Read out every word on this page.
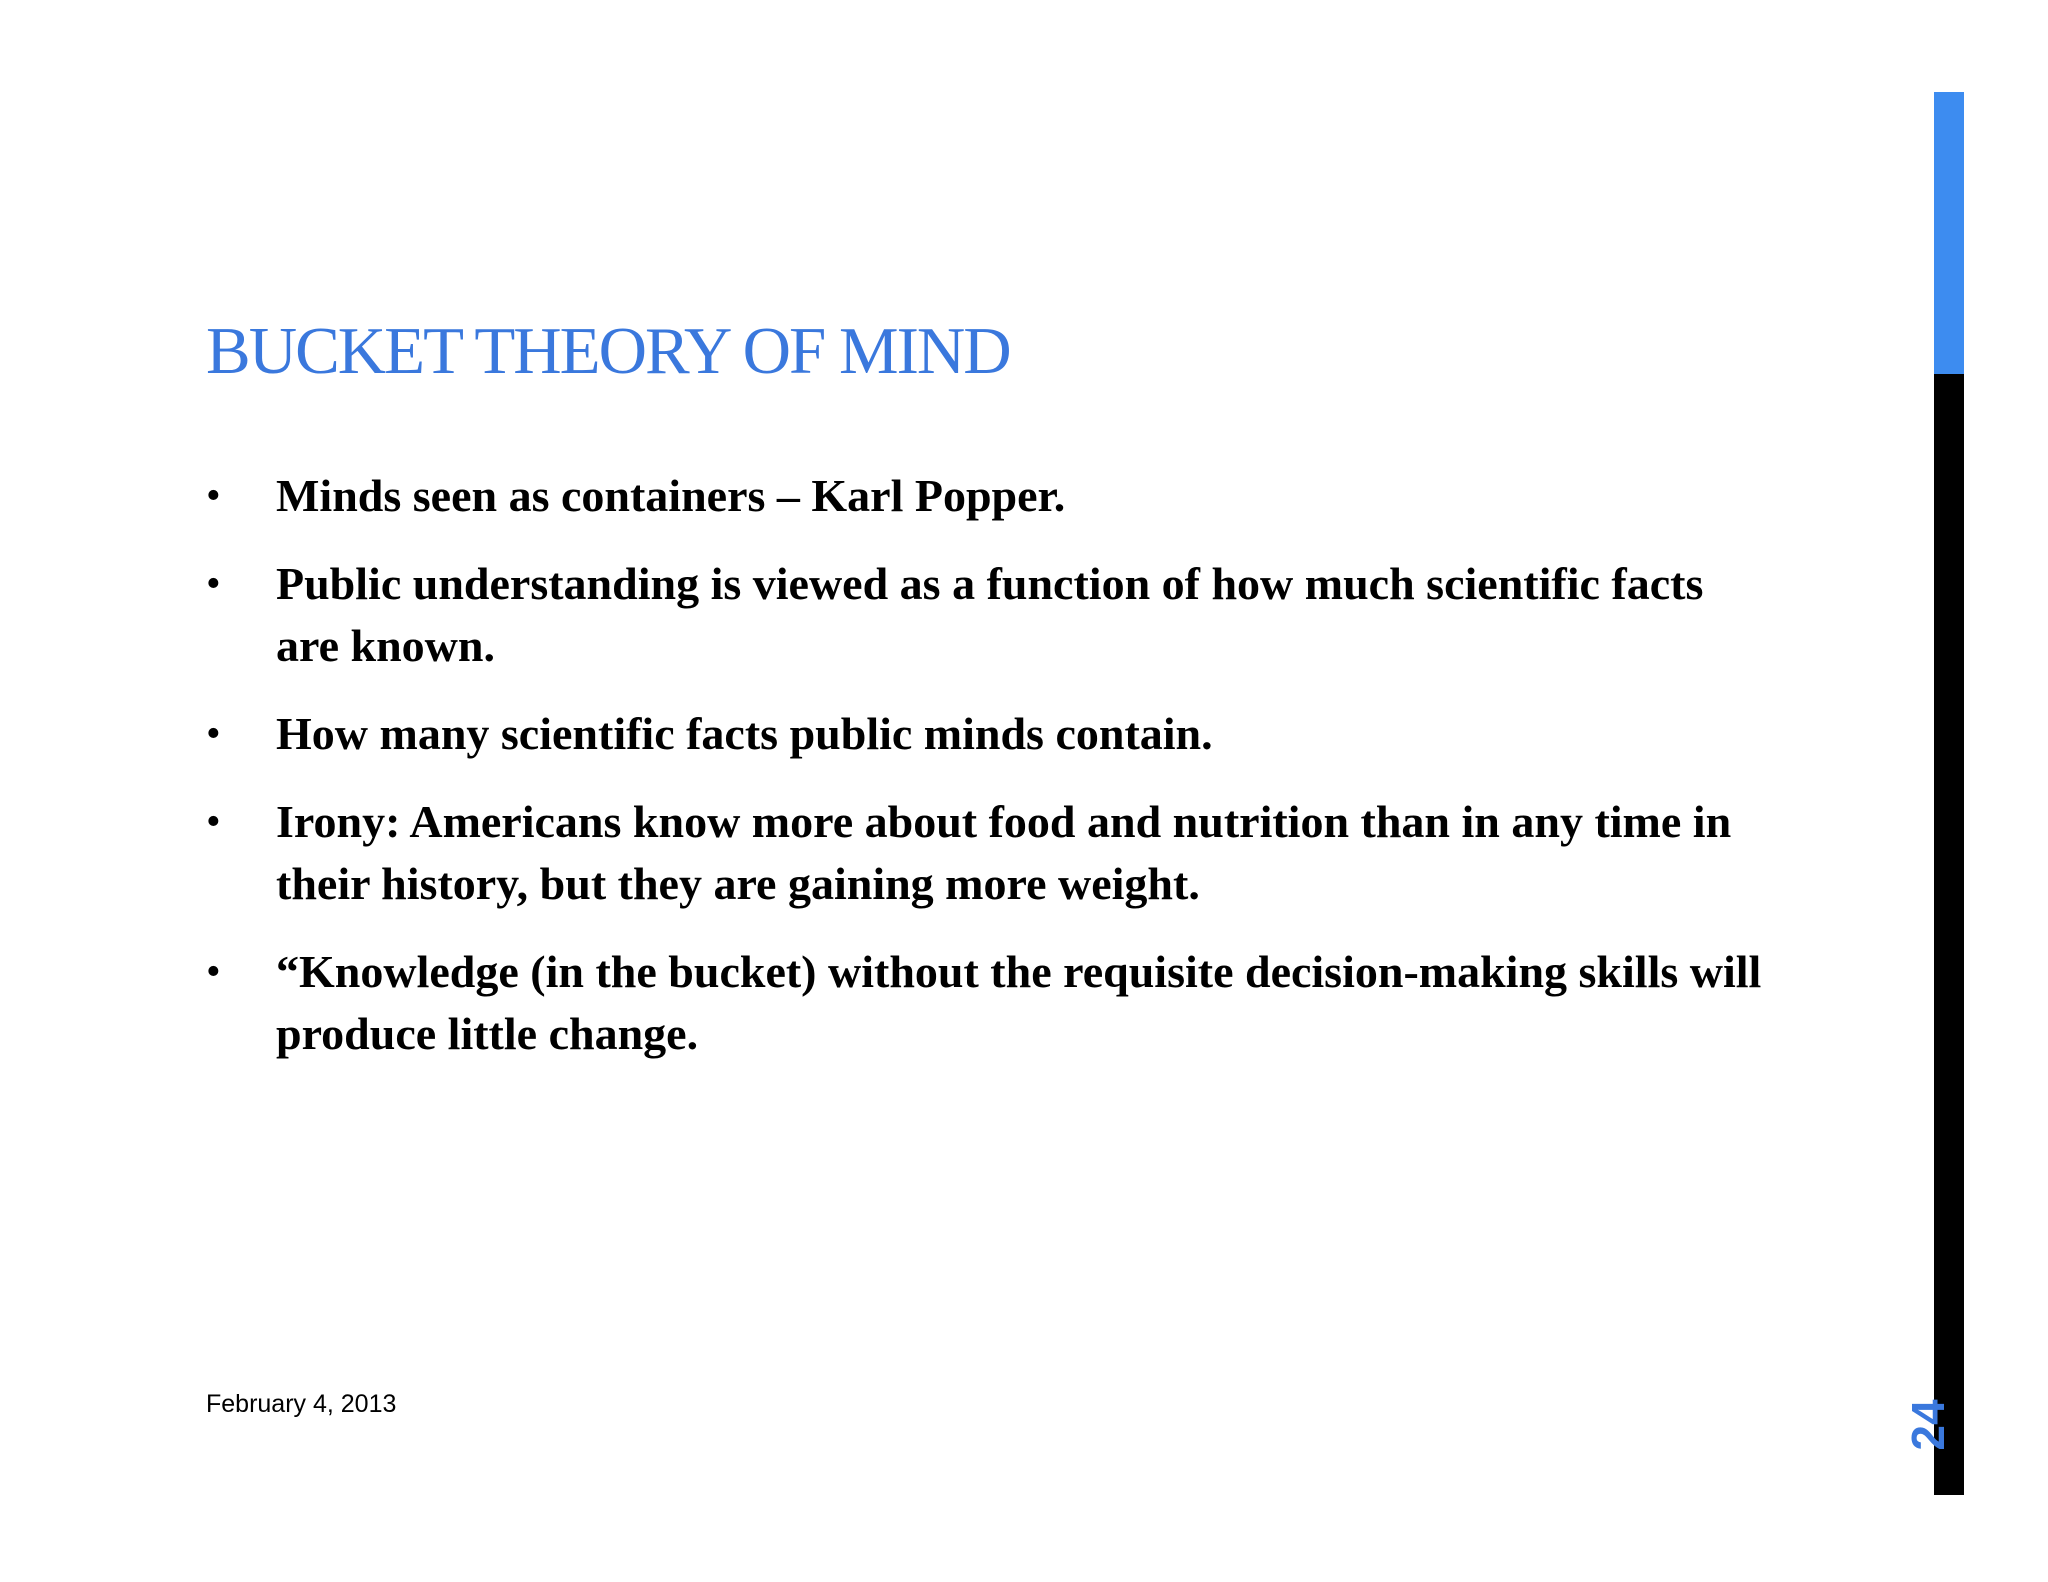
BUCKET THEORY OF MIND
•	Minds seen as containers – Karl Popper.
•	Public understanding is viewed as a function of how much scientific facts are known.
•	How many scientific facts public minds contain.
•	Irony: Americans know more about food and nutrition than in any time in their history, but they are gaining more weight.
•	“Knowledge (in the bucket) without the requisite decision-making skills will produce little change.
February 4, 2013	24
